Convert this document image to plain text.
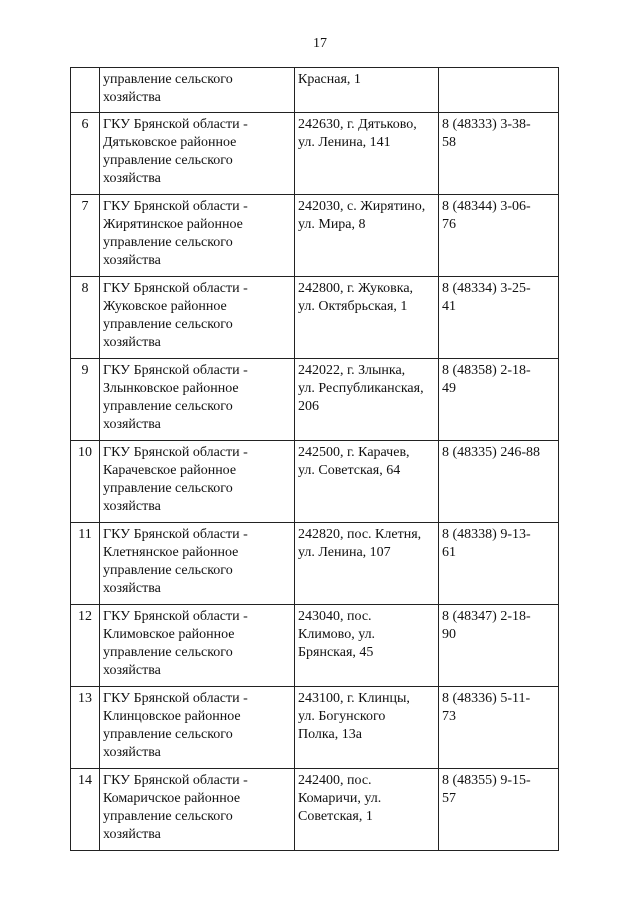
17

	управление сельского
хозяйства	Красная, 1	

6	ГКУ Брянской области -
Дятьковское районное
управление сельского
хозяйства	242630, г. Дятьково,
ул. Ленина, 141	8 (48333) 3-38-
58

7	ГКУ Брянской области -
Жирятинское районное
управление сельского
хозяйства	242030, с. Жирятино,
ул. Мира, 8	8 (48344) 3-06-
76

8	ГКУ Брянской области -
Жуковское районное
управление сельского
хозяйства	242800, г. Жуковка,
ул. Октябрьская, 1	8 (48334) 3-25-
41

9	ГКУ Брянской области -
Злынковское районное
управление сельского
хозяйства	242022, г. Злынка,
ул. Республиканская,
206	8 (48358) 2-18-
49

10	ГКУ Брянской области -
Карачевское районное
управление сельского
хозяйства	242500, г. Карачев,
ул. Советская, 64	8 (48335) 246-88

11	ГКУ Брянской области -
Клетнянское районное
управление сельского
хозяйства	242820, пос. Клетня,
ул. Ленина, 107	8 (48338) 9-13-
61

12	ГКУ Брянской области -
Климовское районное
управление сельского
хозяйства	243040, пос.
Климово, ул.
Брянская, 45	8 (48347) 2-18-
90

13	ГКУ Брянской области -
Клинцовское районное
управление сельского
хозяйства	243100, г. Клинцы,
ул. Богунского
Полка, 13а	8 (48336) 5-11-
73

14	ГКУ Брянской области -
Комаричское районное
управление сельского
хозяйства	242400, пос.
Комаричи, ул.
Советская, 1	8 (48355) 9-15-
57
